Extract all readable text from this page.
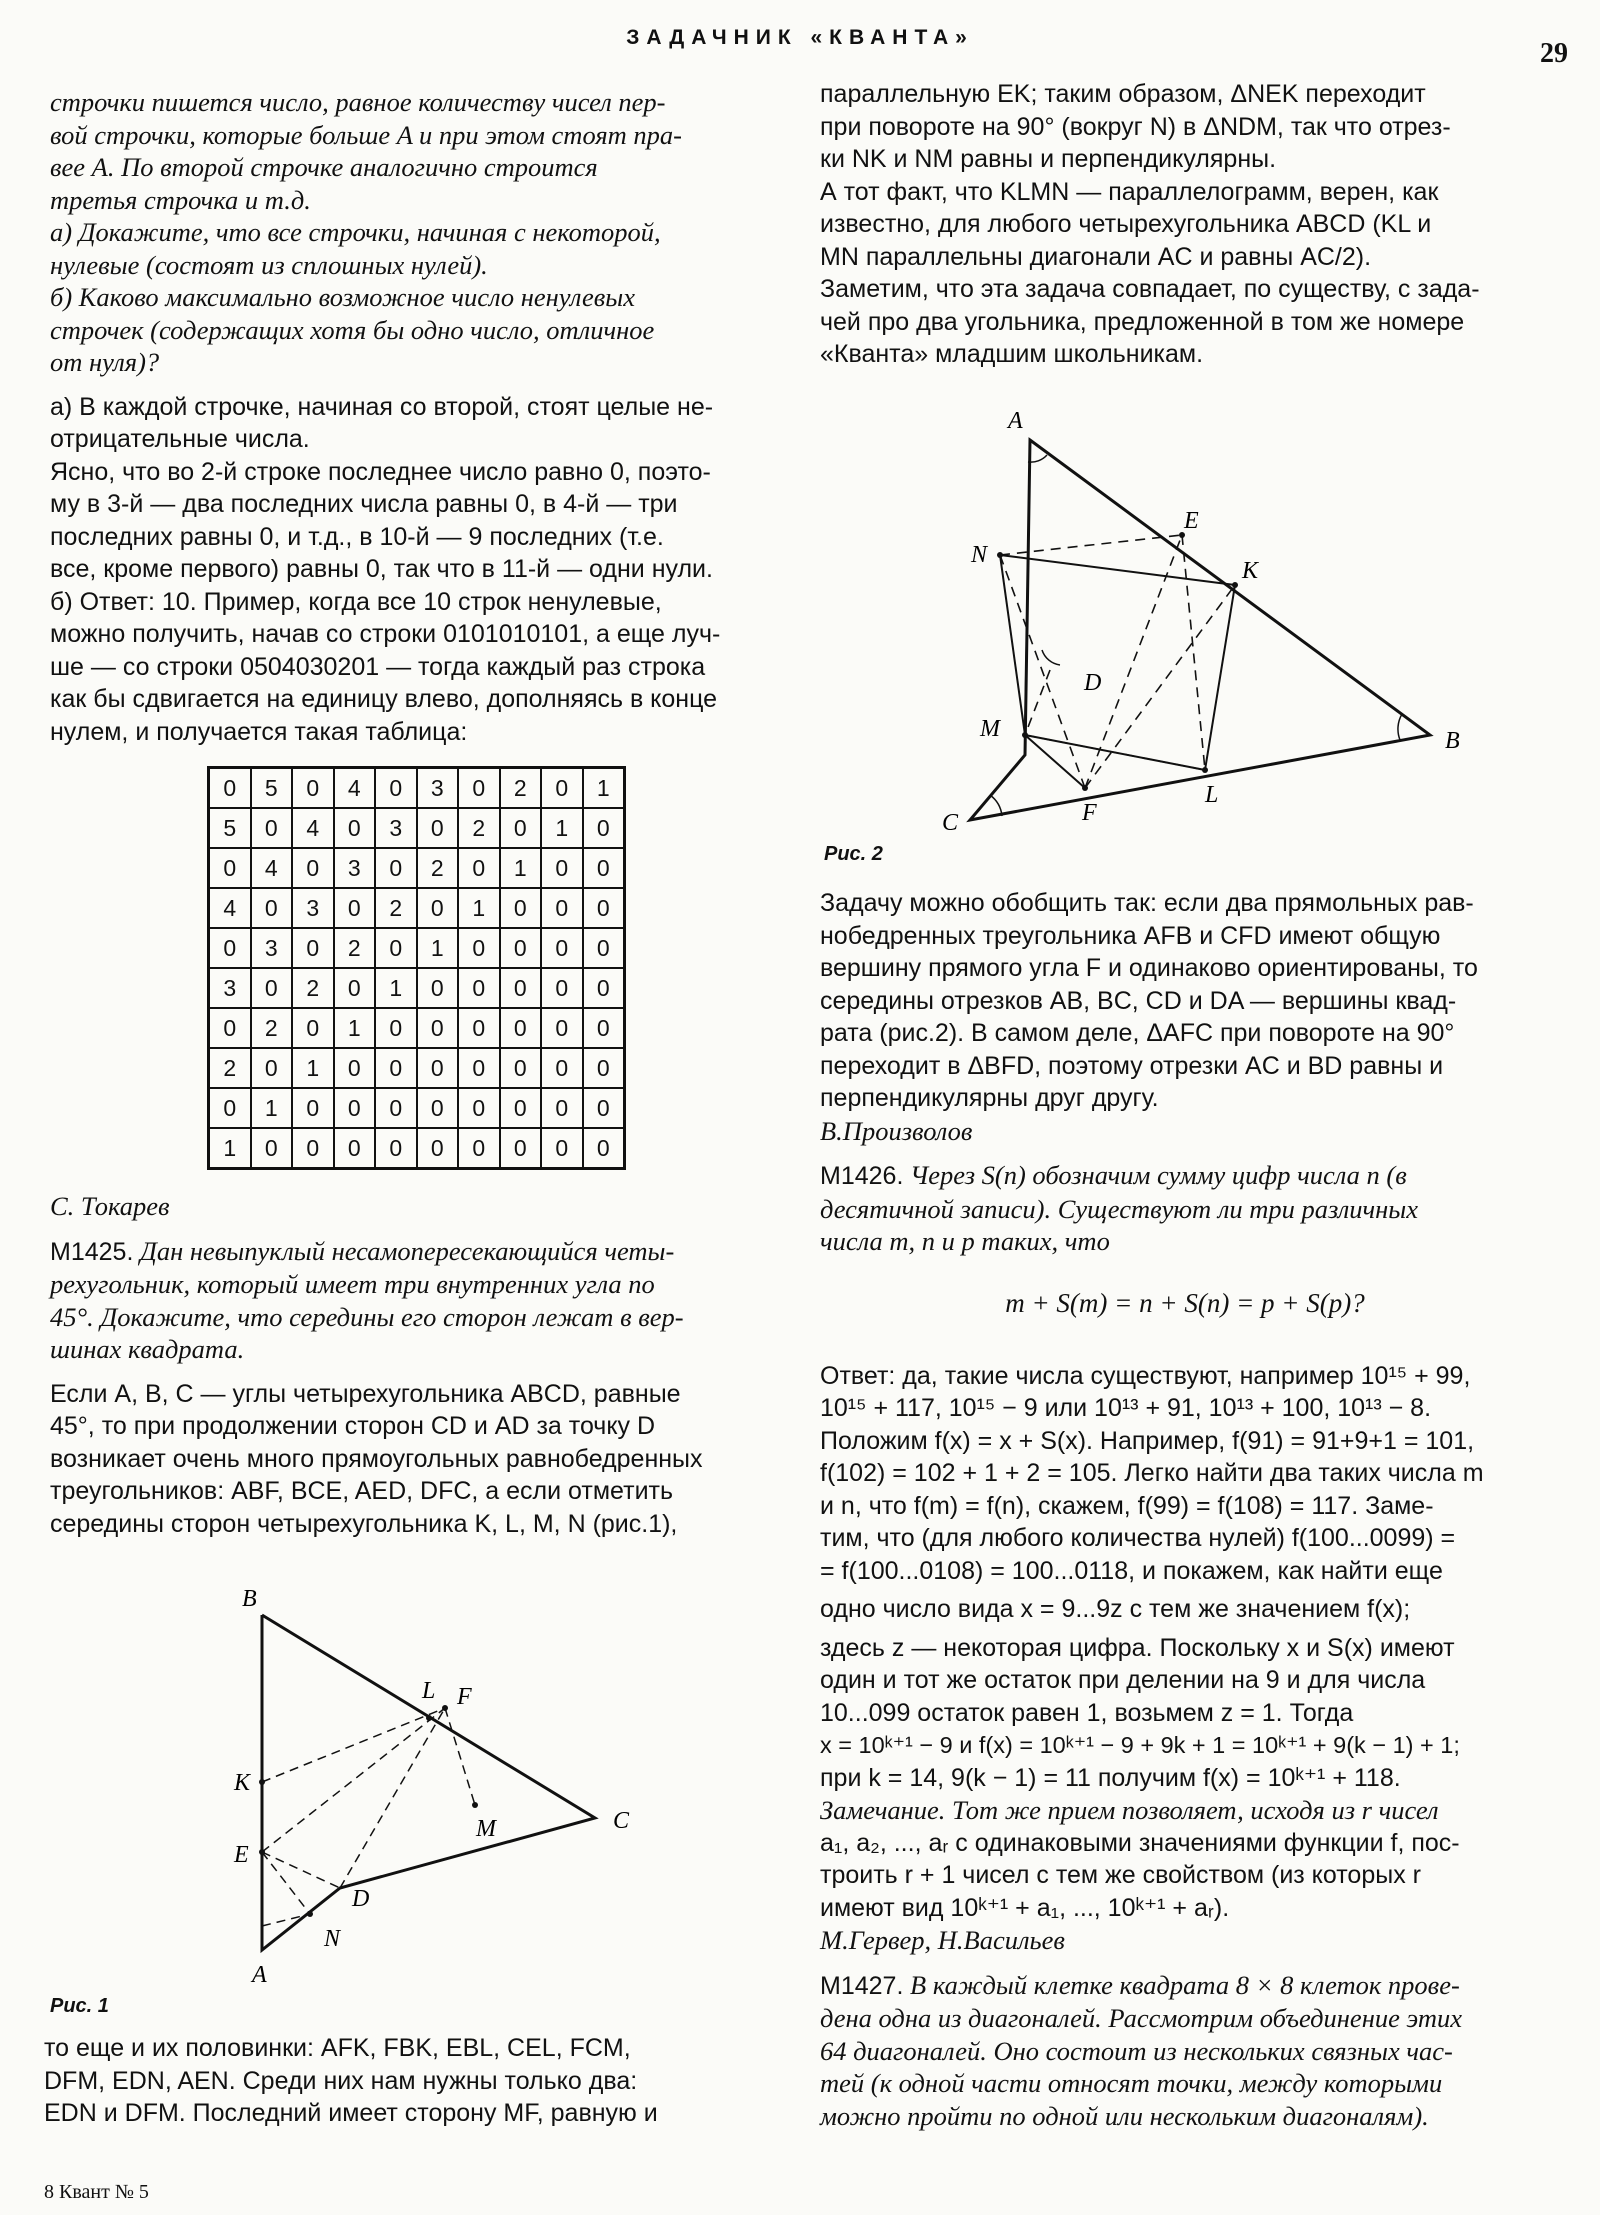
ЗАДАЧНИК «КВАНТА»
29

строчки пишется число, равное количеству чисел пер-

вой строчки, которые больше A и при этом стоят пра-

вее A. По второй строчке аналогично строится

третья строчка и т.д.

а) Докажите, что все строчки, начиная с некоторой,

нулевые (состоят из сплошных нулей).

б) Каково максимально возможное число ненулевых

строчек (содержащих хотя бы одно число, отличное

от нуля)?

а) В каждой строчке, начиная со второй, стоят целые не-

отрицательные числа.

Ясно, что во 2-й строке последнее число равно 0, поэто-

му в 3-й — два последних числа равны 0, в 4-й — три

последних равны 0, и т.д., в 10-й — 9 последних (т.е.

все, кроме первого) равны 0, так что в 11-й — одни нули.

б) Ответ: 10. Пример, когда все 10 строк ненулевые,

можно получить, начав со строки 0101010101, а еще луч-

ше — со строки 0504030201 — тогда каждый раз строка

как бы сдвигается на единицу влево, дополняясь в конце

нулем, и получается такая таблица:

0	5	0	4	0	3	0	2	0	1
5	0	4	0	3	0	2	0	1	0
0	4	0	3	0	2	0	1	0	0
4	0	3	0	2	0	1	0	0	0
0	3	0	2	0	1	0	0	0	0
3	0	2	0	1	0	0	0	0	0
0	2	0	1	0	0	0	0	0	0
2	0	1	0	0	0	0	0	0	0
0	1	0	0	0	0	0	0	0	0
1	0	0	0	0	0	0	0	0	0

С. Токарев

М1425. Дан невыпуклый несамопересекающийся четы-

рехугольник, который имеет три внутренних угла по

45°. Докажите, что середины его сторон лежат в вер-

шинах квадрата.

Если A, B, C — углы четырехугольника ABCD, равные

45°, то при продолжении сторон CD и AD за точку D

возникает очень много прямоугольных равнобедренных

треугольников: ABF, BCE, AED, DFC, а если отметить

середины сторон четырехугольника K, L, M, N (рис.1),

B
L F
K
C
E
M
D
N
A
Рис. 1

то еще и их половинки: AFK, FBK, EBL, CEL, FCM,

DFM, EDN, AEN. Среди них нам нужны только два:

EDN и DFM. Последний имеет сторону MF, равную и

8 Квант № 5

параллельную EK; таким образом, ΔNEK переходит

при повороте на 90° (вокруг N) в ΔNDM, так что отрез-

ки NK и NM равны и перпендикулярны.

А тот факт, что KLMN — параллелограмм, верен, как

известно, для любого четырехугольника ABCD (KL и

MN параллельны диагонали AC и равны AC/2).

Заметим, что эта задача совпадает, по существу, с зада-

чей про два угольника, предложенной в том же номере

«Кванта» младшим школьникам.

A
E
N
K
D
M	B
C	F
L
Рис. 2

Задачу можно обобщить так: если два прямольных рав-

нобедренных треугольника AFB и CFD имеют общую

вершину прямого угла F и одинаково ориентированы, то

середины отрезков AB, BC, CD и DA — вершины квад-

рата (рис.2). В самом деле, ΔAFC при повороте на 90°

переходит в ΔBFD, поэтому отрезки AC и BD равны и

перпендикулярны друг другу.

В.Произволов

М1426. Через S(n) обозначим сумму цифр числа n (в

десятичной записи). Существуют ли три различных

числа m, n и p таких, что

m + S(m) = n + S(n) = p + S(p)?

Ответ: да, такие числа существуют, например 10¹⁵ + 99,

10¹⁵ + 117, 10¹⁵ − 9 или 10¹³ + 91, 10¹³ + 100, 10¹³ − 8.

Положим f(x) = x + S(x). Например, f(91) = 91+9+1 = 101,

f(102) = 102 + 1 + 2 = 105. Легко найти два таких числа m

и n, что f(m) = f(n), скажем, f(99) = f(108) = 117. Заме-

тим, что (для любого количества нулей) f(100...0099) =

= f(100...0108) = 100...0118, и покажем, как найти еще

одно число вида x = 9...9z с тем же значением f(x);

здесь z — некоторая цифра. Поскольку x и S(x) имеют

один и тот же остаток при делении на 9 и для числа

10...099 остаток равен 1, возьмем z = 1. Тогда

x = 10ᵏ⁺¹ − 9 и f(x) = 10ᵏ⁺¹ − 9 + 9k + 1 = 10ᵏ⁺¹ + 9(k − 1) + 1;

при k = 14, 9(k − 1) = 11 получим f(x) = 10ᵏ⁺¹ + 118.

Замечание. Тот же прием позволяет, исходя из r чисел

a₁, a₂, ..., aᵣ с одинаковыми значениями функции f, пос-

троить r + 1 чисел с тем же свойством (из которых r

имеют вид 10ᵏ⁺¹ + a₁, ..., 10ᵏ⁺¹ + aᵣ).

М.Гервер, Н.Васильев

М1427. В каждый клетке квадрата 8 × 8 клеток прове-

дена одна из диагоналей. Рассмотрим объединение этих

64 диагоналей. Оно состоит из нескольких связных час-

тей (к одной части относят точки, между которыми

можно пройти по одной или нескольким диагоналям).
